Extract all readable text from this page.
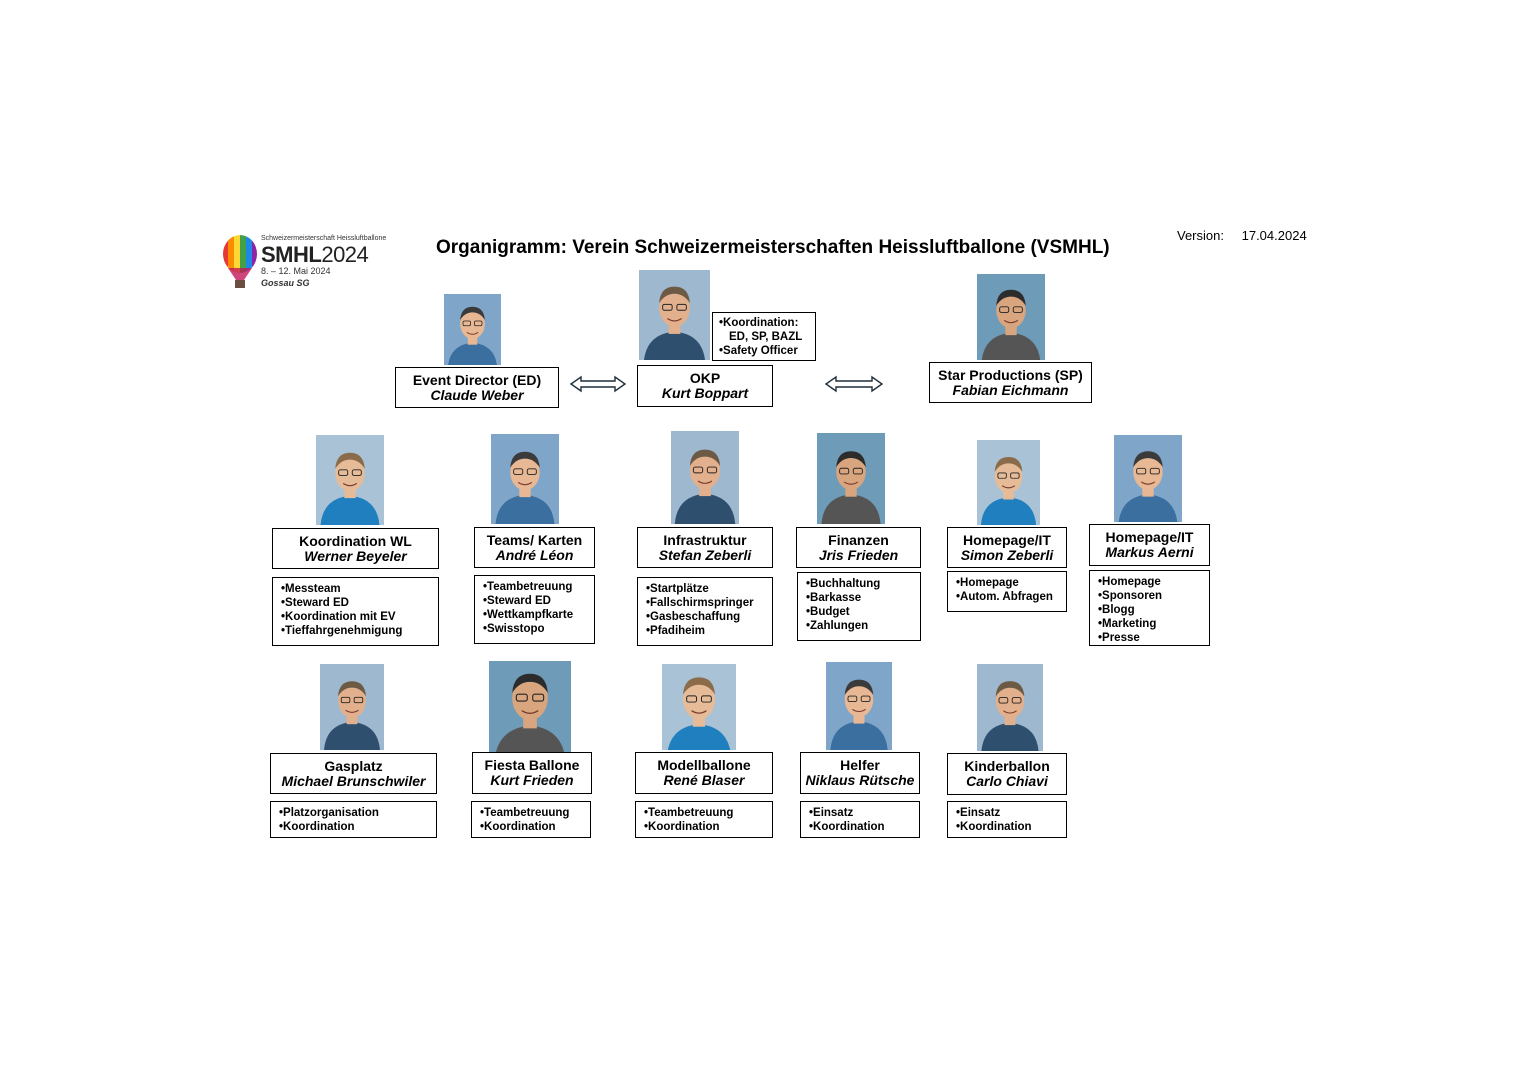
Schweizermeisterschaft Heissluftballone
SMHL2024
8. – 12. Mai 2024
Gossau SG
Organigramm: Verein Schweizermeisterschaften Heissluftballone (VSMHL)
Version: 17.04.2024
Event Director (ED)
Claude Weber
•Koordination:
ED, SP, BAZL
•Safety Officer
OKP
Kurt Boppart
Star Productions (SP)
Fabian Eichmann
Koordination WL
Werner Beyeler
•Messteam
•Steward ED
•Koordination mit EV
•Tieffahrgenehmigung
Teams/ Karten
André Léon
•Teambetreuung
•Steward ED
•Wettkampfkarte
•Swisstopo
Infrastruktur
Stefan Zeberli
•Startplätze
•Fallschirmspringer
•Gasbeschaffung
•Pfadiheim
Finanzen
Jris Frieden
•Buchhaltung
•Barkasse
•Budget
•Zahlungen
Homepage/IT
Simon Zeberli
•Homepage
•Autom. Abfragen
Homepage/IT
Markus Aerni
•Homepage
•Sponsoren
•Blogg
•Marketing
•Presse
Gasplatz
Michael Brunschwiler
•Platzorganisation
•Koordination
Fiesta Ballone
Kurt Frieden
•Teambetreuung
•Koordination
Modellballone
René Blaser
•Teambetreuung
•Koordination
Helfer
Niklaus Rütsche
•Einsatz
•Koordination
Kinderballon
Carlo Chiavi
•Einsatz
•Koordination
